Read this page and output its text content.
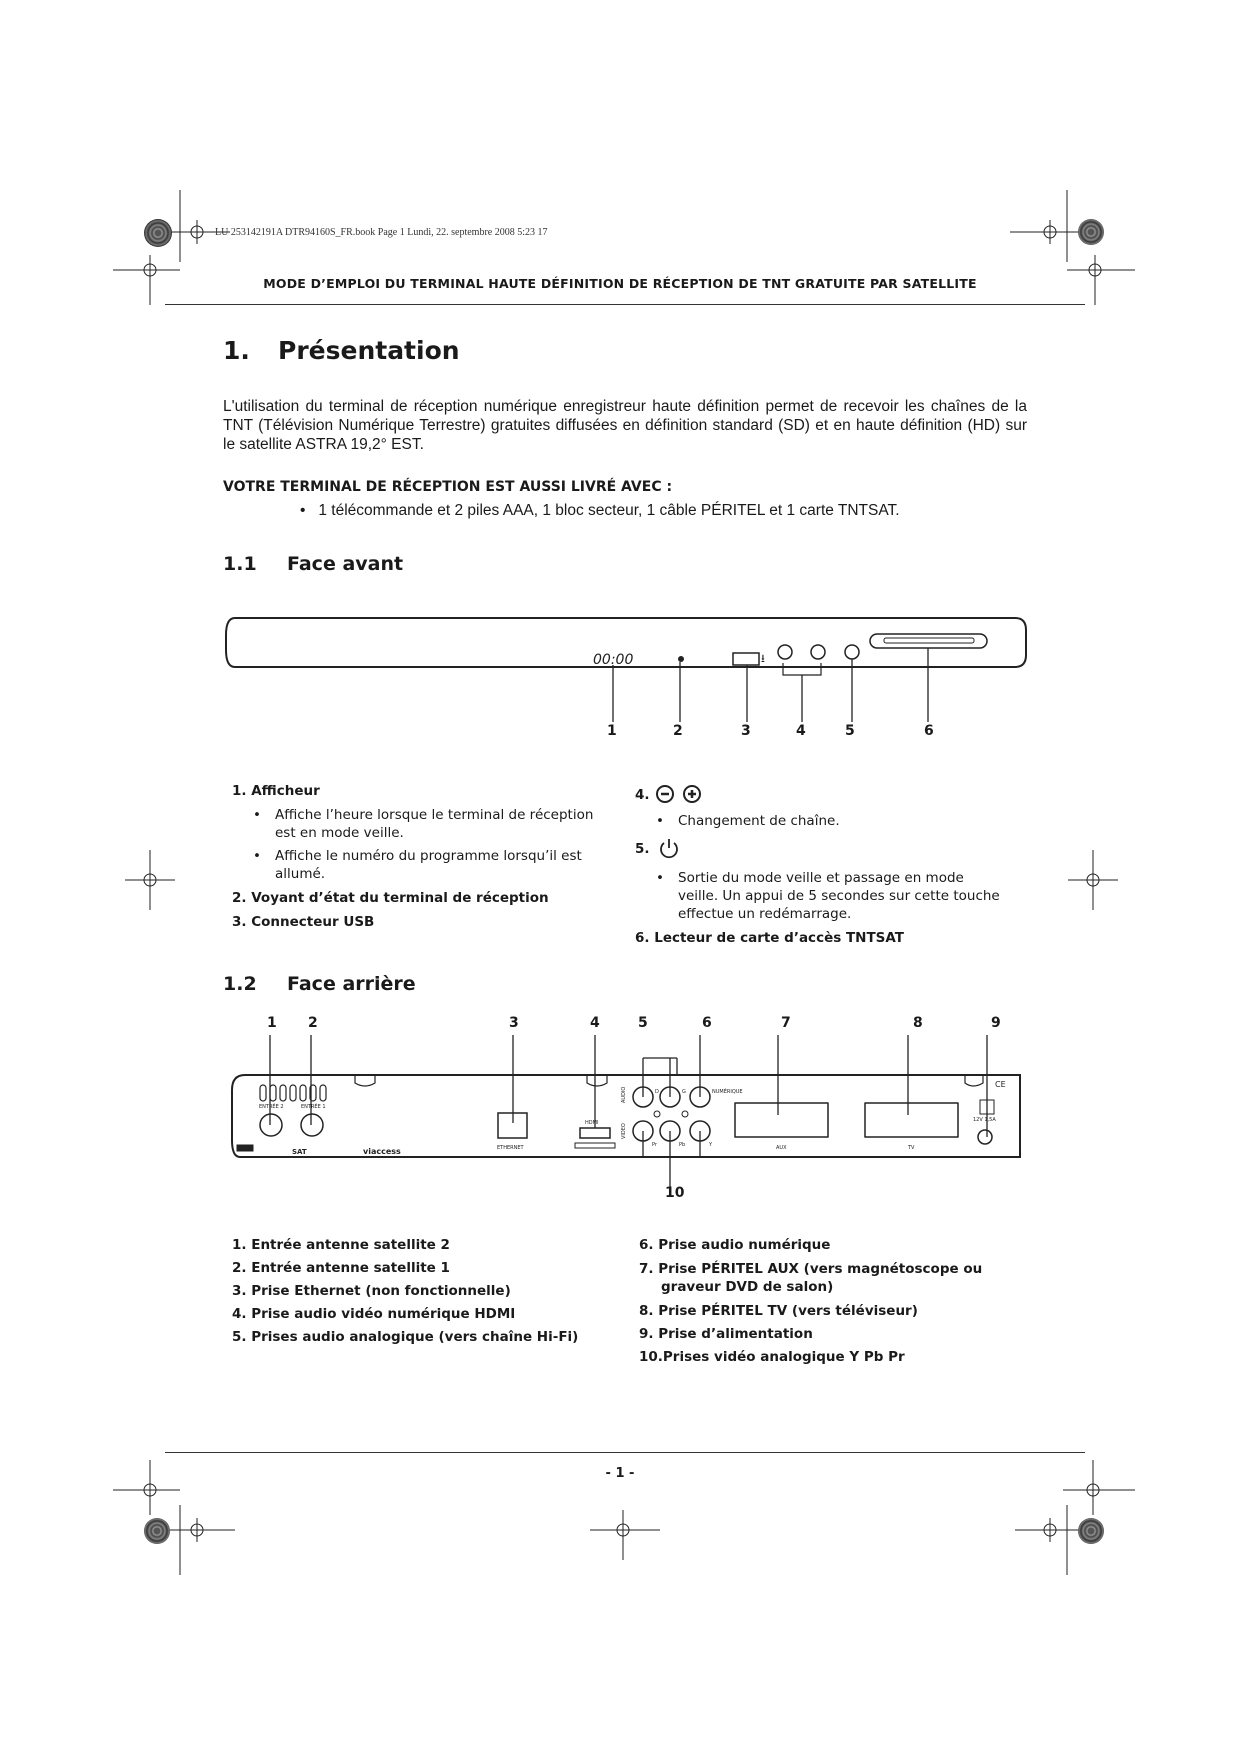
LU 253142191A DTR94160S_FR.book Page 1 Lundi, 22. septembre 2008 5:23 17
MODE D’EMPLOI DU TERMINAL HAUTE DÉFINITION DE RÉCEPTION DE TNT GRATUITE PAR SATELLITE
1. Présentation
L'utilisation du terminal de réception numérique enregistreur haute définition permet de recevoir les chaînes de la TNT (Télévision Numérique Terrestre) gratuites diffusées en définition standard (SD) et en haute définition (HD) sur le satellite ASTRA 19,2° EST.
VOTRE TERMINAL DE RÉCEPTION EST AUSSI LIVRÉ AVEC :
•   1 télécommande et 2 piles AAA, 1 bloc secteur, 1 câble PÉRITEL et 1 carte TNTSAT.
1.1 Face avant
00:00	⭳
1	2	3	4	5	6
1. Afficheur
• Affiche l’heure lorsque le terminal de réception est en mode veille.
• Affiche le numéro du programme lorsqu’il est allumé.
2. Voyant d’état du terminal de réception
3. Connecteur USB
4.
• Changement de chaîne.
5.
• Sortie du mode veille et passage en mode veille. Un appui de 5 secondes sur cette touche effectue un redémarrage.
6. Lecteur de carte d’accès TNTSAT
1.2 Face arrière
1 2	3	4	5	6	7	8	9
ENTRÉE 2	ENTRÉE 1
SAT	viaccess	ETHERNET
HDMI
AUDIO
VIDEO
NUMÉRIQUE
AUX	TV
12V 1,5A
D	G
Pr	Pb	Y
CE
10
1. Entrée antenne satellite 2
2. Entrée antenne satellite 1
3. Prise Ethernet (non fonctionnelle)
4. Prise audio vidéo numérique HDMI
5. Prises audio analogique (vers chaîne Hi-Fi)
6. Prise audio numérique
7. Prise PÉRITEL AUX (vers magnétoscope ou graveur DVD de salon)
8. Prise PÉRITEL TV (vers téléviseur)
9. Prise d’alimentation
10.Prises vidéo analogique Y Pb Pr
- 1 -
